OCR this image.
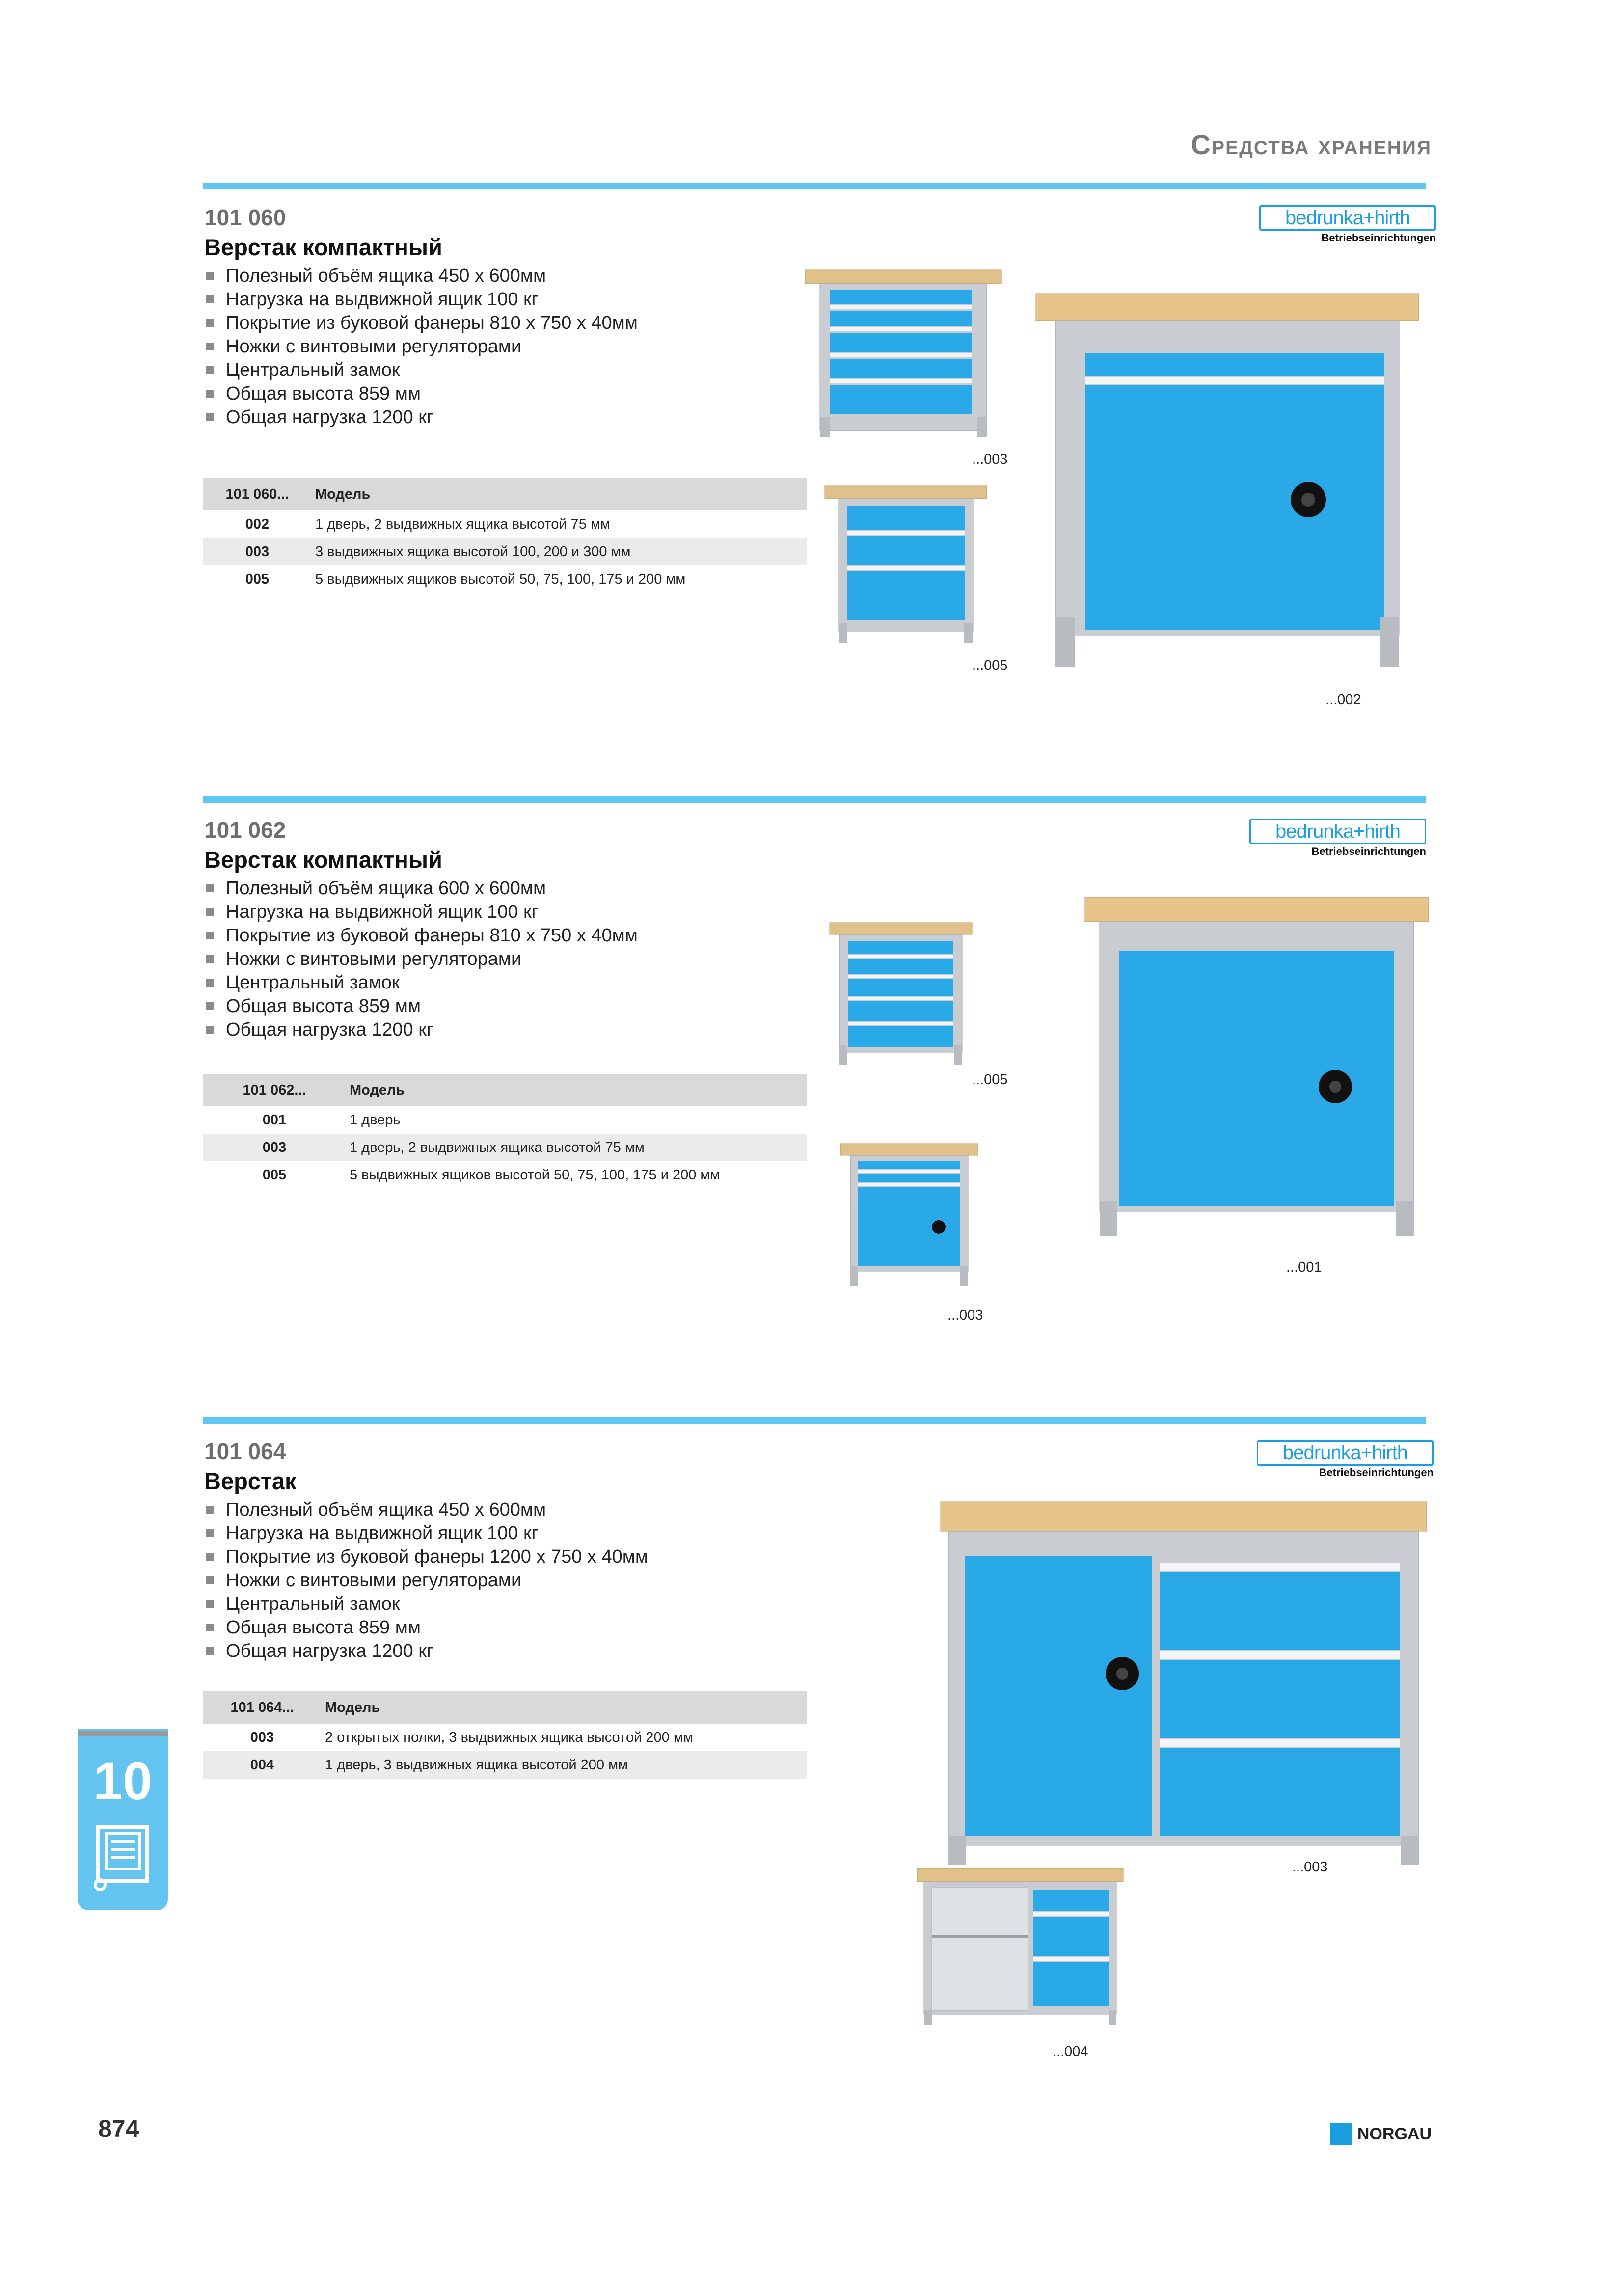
Средства хранения
101 060
Верстак компактный
Полезный объём ящика 450 x 600мм
Нагрузка на выдвижной ящик 100 кг
Покрытие из буковой фанеры 810 x 750 x 40мм
Ножки с винтовыми регуляторами
Центральный замок
Общая высота 859 мм
Общая нагрузка 1200 кг
101 060...	Модель
002	1 дверь, 2 выдвижных ящика высотой 75 мм
003	3 выдвижных ящика высотой 100, 200 и 300 мм
005	5 выдвижных ящиков высотой 50, 75, 100, 175 и 200 мм
bedrunka+hirth
Betriebseinrichtungen
...003
...005
...002
101 062
Верстак компактный
Полезный объём ящика 600 x 600мм
Нагрузка на выдвижной ящик 100 кг
Покрытие из буковой фанеры 810 x 750 x 40мм
Ножки с винтовыми регуляторами
Центральный замок
Общая высота 859 мм
Общая нагрузка 1200 кг
101 062...	Модель
001	1 дверь
003	1 дверь, 2 выдвижных ящика высотой 75 мм
005	5 выдвижных ящиков высотой 50, 75, 100, 175 и 200 мм
bedrunka+hirth
Betriebseinrichtungen
...005
...003
...001
101 064
Верстак
Полезный объём ящика 450 x 600мм
Нагрузка на выдвижной ящик 100 кг
Покрытие из буковой фанеры 1200 x 750 x 40мм
Ножки с винтовыми регуляторами
Центральный замок
Общая высота 859 мм
Общая нагрузка 1200 кг
101 064...	Модель
003	2 открытых полки, 3 выдвижных ящика высотой 200 мм
004	1 дверь, 3 выдвижных ящика высотой 200 мм
bedrunka+hirth
Betriebseinrichtungen
...003
...004
10
874	NORGAU
